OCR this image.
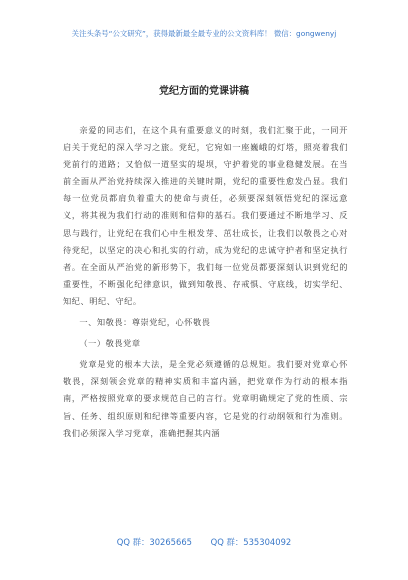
关注头条号“公文研究”，获得最新最全最专业的公文资料库！ 微信：gongwenyj
党纪方面的党课讲稿

亲爱的同志们，在这个具有重要意义的时刻，我们汇聚于此，一同开启关于党纪的深入学习之旅。党纪，它宛如一座巍峨的灯塔，照亮着我们党前行的道路；又恰似一道坚实的堤坝，守护着党的事业稳健发展。在当前全面从严治党持续深入推进的关键时期，党纪的重要性愈发凸显。我们每一位党员都肩负着重大的使命与责任，必须要深刻领悟党纪的深远意义，将其视为我们行动的准则和信仰的基石。我们要通过不断地学习、反思与践行，让党纪在我们心中生根发芽、茁壮成长，让我们以敬畏之心对待党纪，以坚定的决心和扎实的行动，成为党纪的忠诚守护者和坚定执行者。在全面从严治党的新形势下，我们每一位党员都要深刻认识到党纪的重要性，不断强化纪律意识，做到知敬畏、存戒惧、守底线，切实学纪、知纪、明纪、守纪。

一、知敬畏：尊崇党纪，心怀敬畏

（一）敬畏党章

党章是党的根本大法，是全党必须遵循的总规矩。我们要对党章心怀敬畏，深刻领会党章的精神实质和丰富内涵，把党章作为行动的根本指南，严格按照党章的要求规范自己的言行。党章明确规定了党的性质、宗旨、任务、组织原则和纪律等重要内容，它是党的行动纲领和行为准则。我们必须深入学习党章，准确把握其内涵

QQ 群：30265665 QQ 群：535304092
